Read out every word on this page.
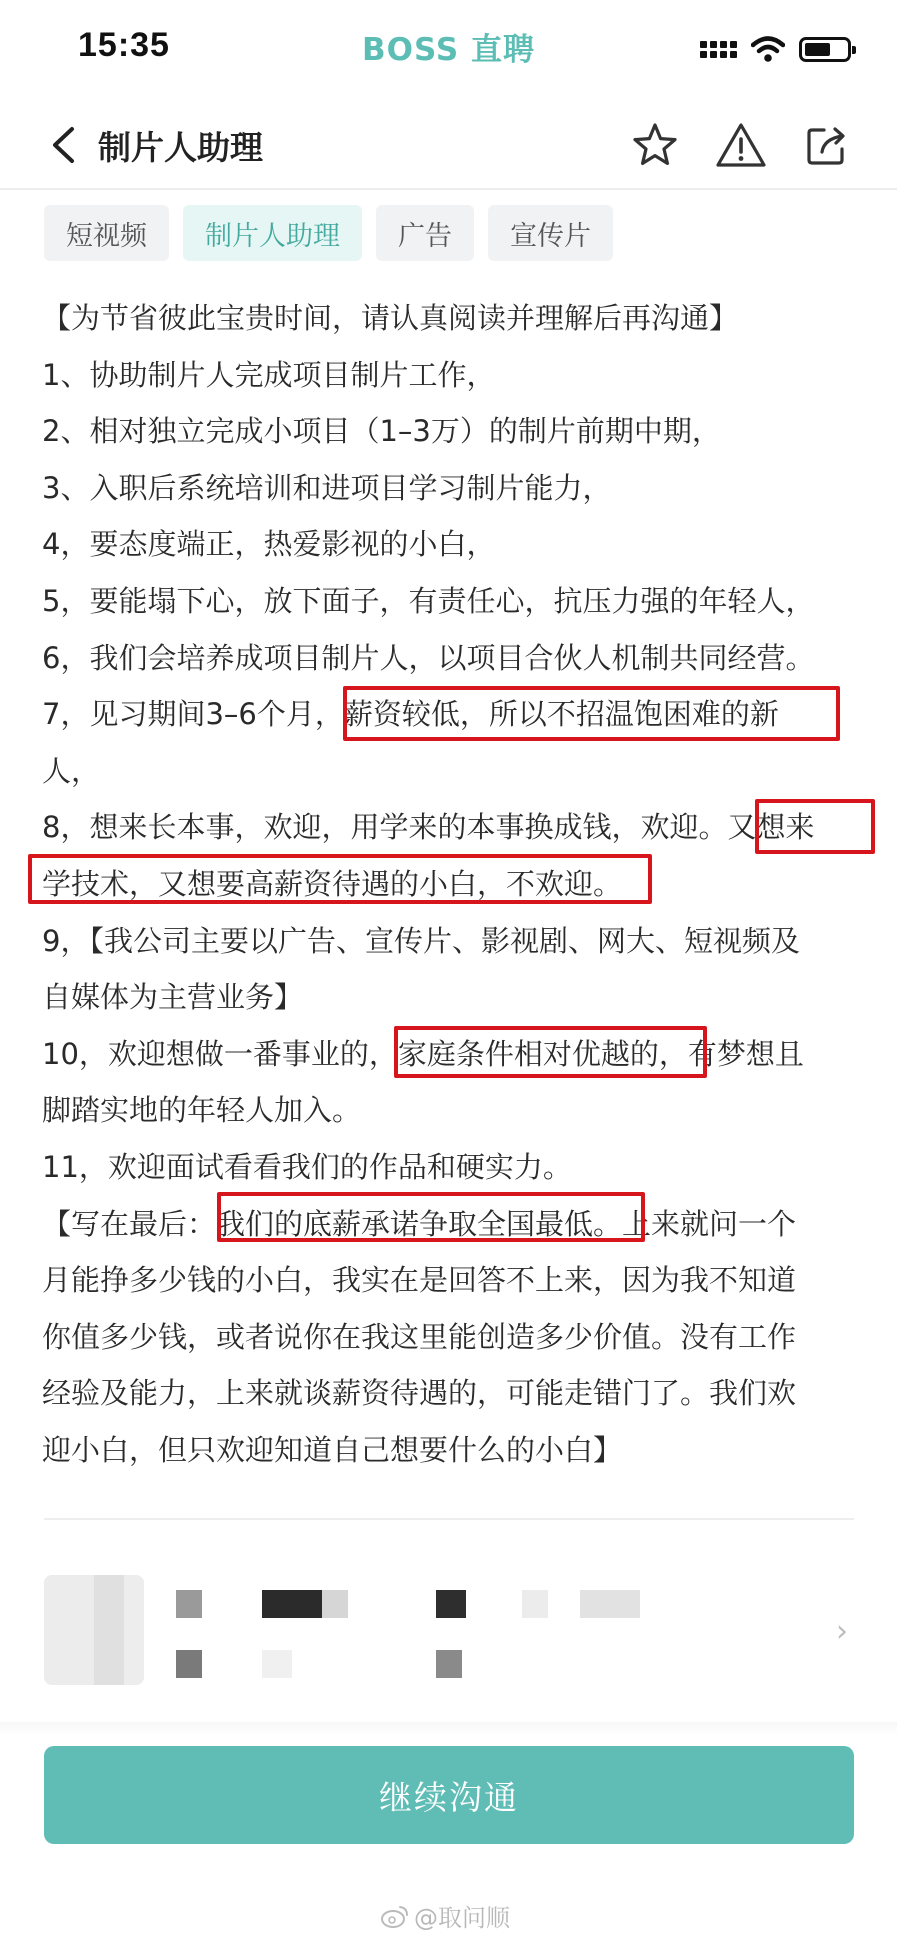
15:35	BOSS 直聘
制片人助理
短视频	制片人助理	广告	宣传片
【为节省彼此宝贵时间，请认真阅读并理解后再沟通】
1、协助制片人完成项目制片工作，
2、相对独立完成小项目（1–3万）的制片前期中期，
3、入职后系统培训和进项目学习制片能力，
4，要态度端正，热爱影视的小白，
5，要能塌下心，放下面子，有责任心，抗压力强的年轻人，
6，我们会培养成项目制片人，以项目合伙人机制共同经营。
7，见习期间3–6个月，薪资较低，所以不招温饱困难的新
人，
8，想来长本事，欢迎，用学来的本事换成钱，欢迎。又想来
学技术，又想要高薪资待遇的小白，不欢迎。
9，【我公司主要以广告、宣传片、影视剧、网大、短视频及
自媒体为主营业务】
10，欢迎想做一番事业的，家庭条件相对优越的，有梦想且
脚踏实地的年轻人加入。
11，欢迎面试看看我们的作品和硬实力。
【写在最后：我们的底薪承诺争取全国最低。上来就问一个
月能挣多少钱的小白，我实在是回答不上来，因为我不知道
你值多少钱，或者说你在我这里能创造多少价值。没有工作
经验及能力，上来就谈薪资待遇的，可能走错门了。我们欢
迎小白，但只欢迎知道自己想要什么的小白】
›
继续沟通
@取问顺
